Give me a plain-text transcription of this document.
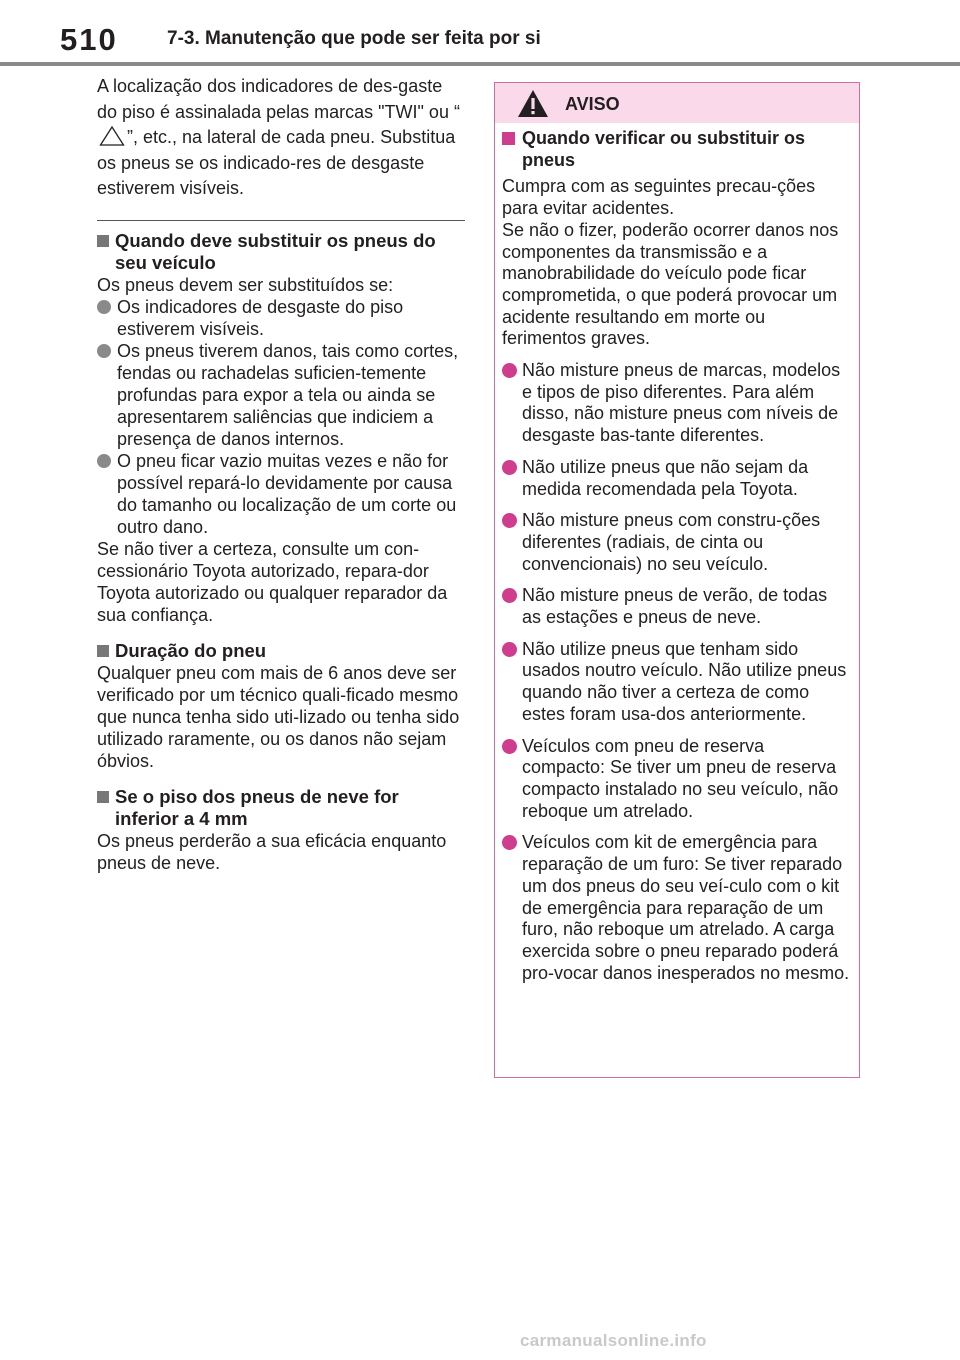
510	7-3. Manutenção que pode ser feita por si

A localização dos indicadores de des-gaste do piso é assinalada pelas marcas "TWI" ou “”, etc., na lateral de cada pneu. Substitua os pneus se os indicado-res de desgaste estiverem visíveis.

Quando deve substituir os pneus do seu veículo

Os pneus devem ser substituídos se:

Os indicadores de desgaste do piso estiverem visíveis.

Os pneus tiverem danos, tais como cortes, fendas ou rachadelas suficien-temente profundas para expor a tela ou ainda se apresentarem saliências que indiciem a presença de danos internos.

O pneu ficar vazio muitas vezes e não for possível repará-lo devidamente por causa do tamanho ou localização de um corte ou outro dano.

Se não tiver a certeza, consulte um con-cessionário Toyota autorizado, repara-dor Toyota autorizado ou qualquer reparador da sua confiança.

Duração do pneu

Qualquer pneu com mais de 6 anos deve ser verificado por um técnico quali-ficado mesmo que nunca tenha sido uti-lizado ou tenha sido utilizado raramente, ou os danos não sejam óbvios.

Se o piso dos pneus de neve for inferior a 4 mm

Os pneus perderão a sua eficácia enquanto pneus de neve.

AVISO

Quando verificar ou substituir os pneus

Cumpra com as seguintes precau-ções para evitar acidentes.

Se não o fizer, poderão ocorrer danos nos componentes da transmissão e a manobrabilidade do veículo pode ficar comprometida, o que poderá provocar um acidente resultando em morte ou ferimentos graves.

Não misture pneus de marcas, modelos e tipos de piso diferentes. Para além disso, não misture pneus com níveis de desgaste bas-tante diferentes.

Não utilize pneus que não sejam da medida recomendada pela Toyota.

Não misture pneus com constru-ções diferentes (radiais, de cinta ou convencionais) no seu veículo.

Não misture pneus de verão, de todas as estações e pneus de neve.

Não utilize pneus que tenham sido usados noutro veículo. Não utilize pneus quando não tiver a certeza de como estes foram usa-dos anteriormente.

Veículos com pneu de reserva compacto: Se tiver um pneu de reserva compacto instalado no seu veículo, não reboque um atrelado.

Veículos com kit de emergência para reparação de um furo: Se tiver reparado um dos pneus do seu veí-culo com o kit de emergência para reparação de um furo, não reboque um atrelado. A carga exercida sobre o pneu reparado poderá pro-vocar danos inesperados no mesmo.

carmanualsonline.info
